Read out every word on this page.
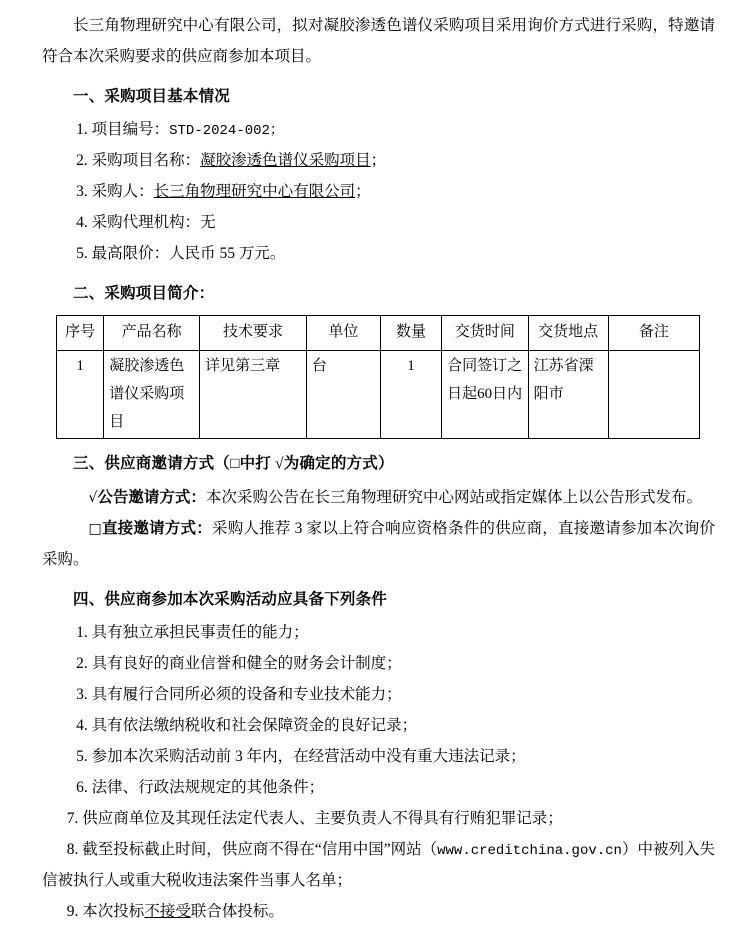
长三角物理研究中心有限公司，拟对凝胶渗透色谱仪采购项目采用询价方式进行采购，特邀请符合本次采购要求的供应商参加本项目。

一、采购项目基本情况

1. 项目编号：STD-2024-002；

2. 采购项目名称：凝胶渗透色谱仪采购项目；

3. 采购人：长三角物理研究中心有限公司；

4. 采购代理机构：无

5. 最高限价：人民币 55 万元。

二、采购项目简介：

序号	产品名称	技术要求	单位	数量	交货时间	交货地点	备注
1	凝胶渗透色谱仪采购项目	详见第三章	台	1	合同签订之日起60日内	江苏省溧阳市	

三、供应商邀请方式（□中打 √为确定的方式）

√公告邀请方式：本次采购公告在长三角物理研究中心网站或指定媒体上以公告形式发布。

□直接邀请方式：采购人推荐 3 家以上符合响应资格条件的供应商，直接邀请参加本次询价采购。

四、供应商参加本次采购活动应具备下列条件

1. 具有独立承担民事责任的能力；

2. 具有良好的商业信誉和健全的财务会计制度；

3. 具有履行合同所必须的设备和专业技术能力；

4. 具有依法缴纳税收和社会保障资金的良好记录；

5. 参加本次采购活动前 3 年内，在经营活动中没有重大违法记录；

6. 法律、行政法规规定的其他条件；

7. 供应商单位及其现任法定代表人、主要负责人不得具有行贿犯罪记录；

8. 截至投标截止时间，供应商不得在“信用中国”网站（www.creditchina.gov.cn）中被列入失信被执行人或重大税收违法案件当事人名单；

9. 本次投标不接受联合体投标。
